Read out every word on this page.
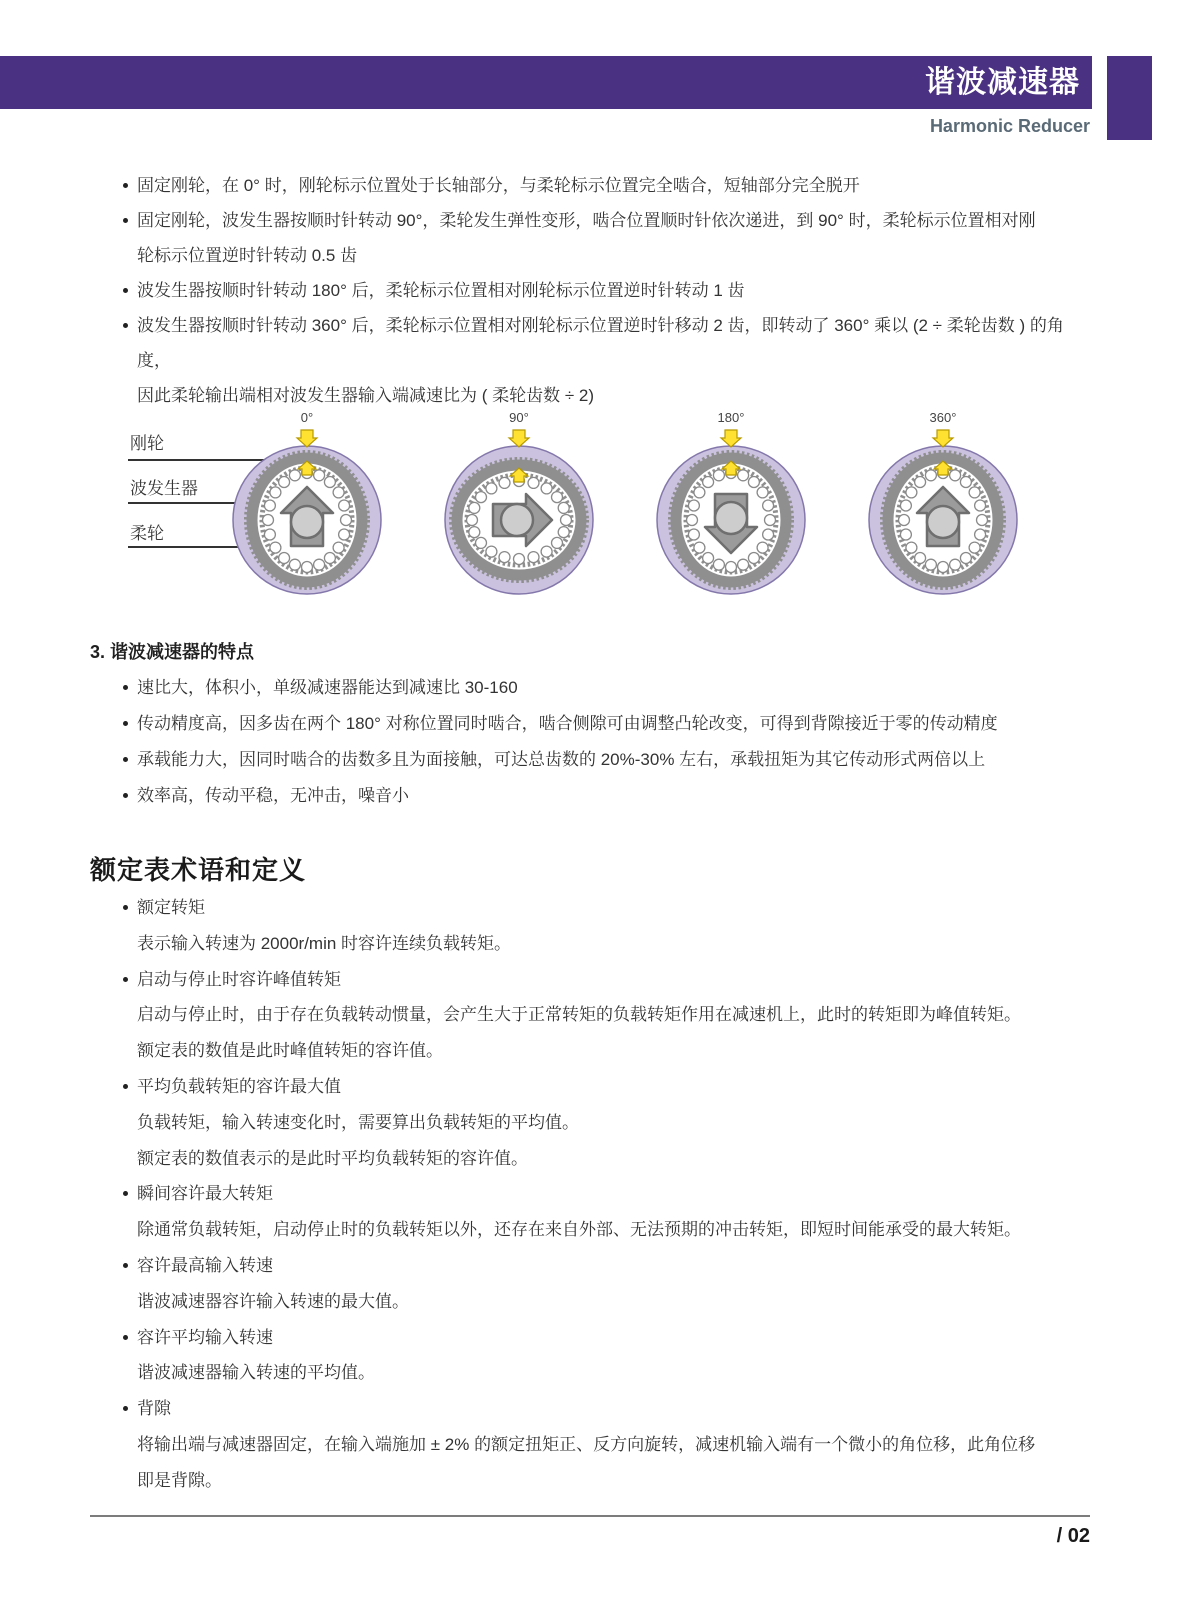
谐波减速器
Harmonic Reducer
固定刚轮，在 0° 时，刚轮标示位置处于长轴部分，与柔轮标示位置完全啮合，短轴部分完全脱开
固定刚轮，波发生器按顺时针转动 90°，柔轮发生弹性变形，啮合位置顺时针依次递进，到 90° 时，柔轮标示位置相对刚
轮标示位置逆时针转动 0.5 齿
波发生器按顺时针转动 180° 后，柔轮标示位置相对刚轮标示位置逆时针转动 1 齿
波发生器按顺时针转动 360° 后，柔轮标示位置相对刚轮标示位置逆时针移动 2 齿，即转动了 360° 乘以 (2 ÷ 柔轮齿数 ) 的角度，
因此柔轮输出端相对波发生器输入端减速比为 ( 柔轮齿数 ÷ 2)
刚轮
波发生器
柔轮
0°	90°	180°	360°
3. 谐波减速器的特点
速比大，体积小，单级减速器能达到减速比 30-160
传动精度高，因多齿在两个 180° 对称位置同时啮合，啮合侧隙可由调整凸轮改变，可得到背隙接近于零的传动精度
承载能力大，因同时啮合的齿数多且为面接触，可达总齿数的 20%-30% 左右，承载扭矩为其它传动形式两倍以上
效率高，传动平稳，无冲击，噪音小
额定表术语和定义
额定转矩
表示输入转速为 2000r/min 时容许连续负载转矩。
启动与停止时容许峰值转矩
启动与停止时，由于存在负载转动惯量，会产生大于正常转矩的负载转矩作用在减速机上，此时的转矩即为峰值转矩。
额定表的数值是此时峰值转矩的容许值。
平均负载转矩的容许最大值
负载转矩，输入转速变化时，需要算出负载转矩的平均值。
额定表的数值表示的是此时平均负载转矩的容许值。
瞬间容许最大转矩
除通常负载转矩，启动停止时的负载转矩以外，还存在来自外部、无法预期的冲击转矩，即短时间能承受的最大转矩。
容许最高输入转速
谐波减速器容许输入转速的最大值。
容许平均输入转速
谐波减速器输入转速的平均值。
背隙
将输出端与减速器固定，在输入端施加 ± 2% 的额定扭矩正、反方向旋转，减速机输入端有一个微小的角位移，此角位移
即是背隙。
/ 02
